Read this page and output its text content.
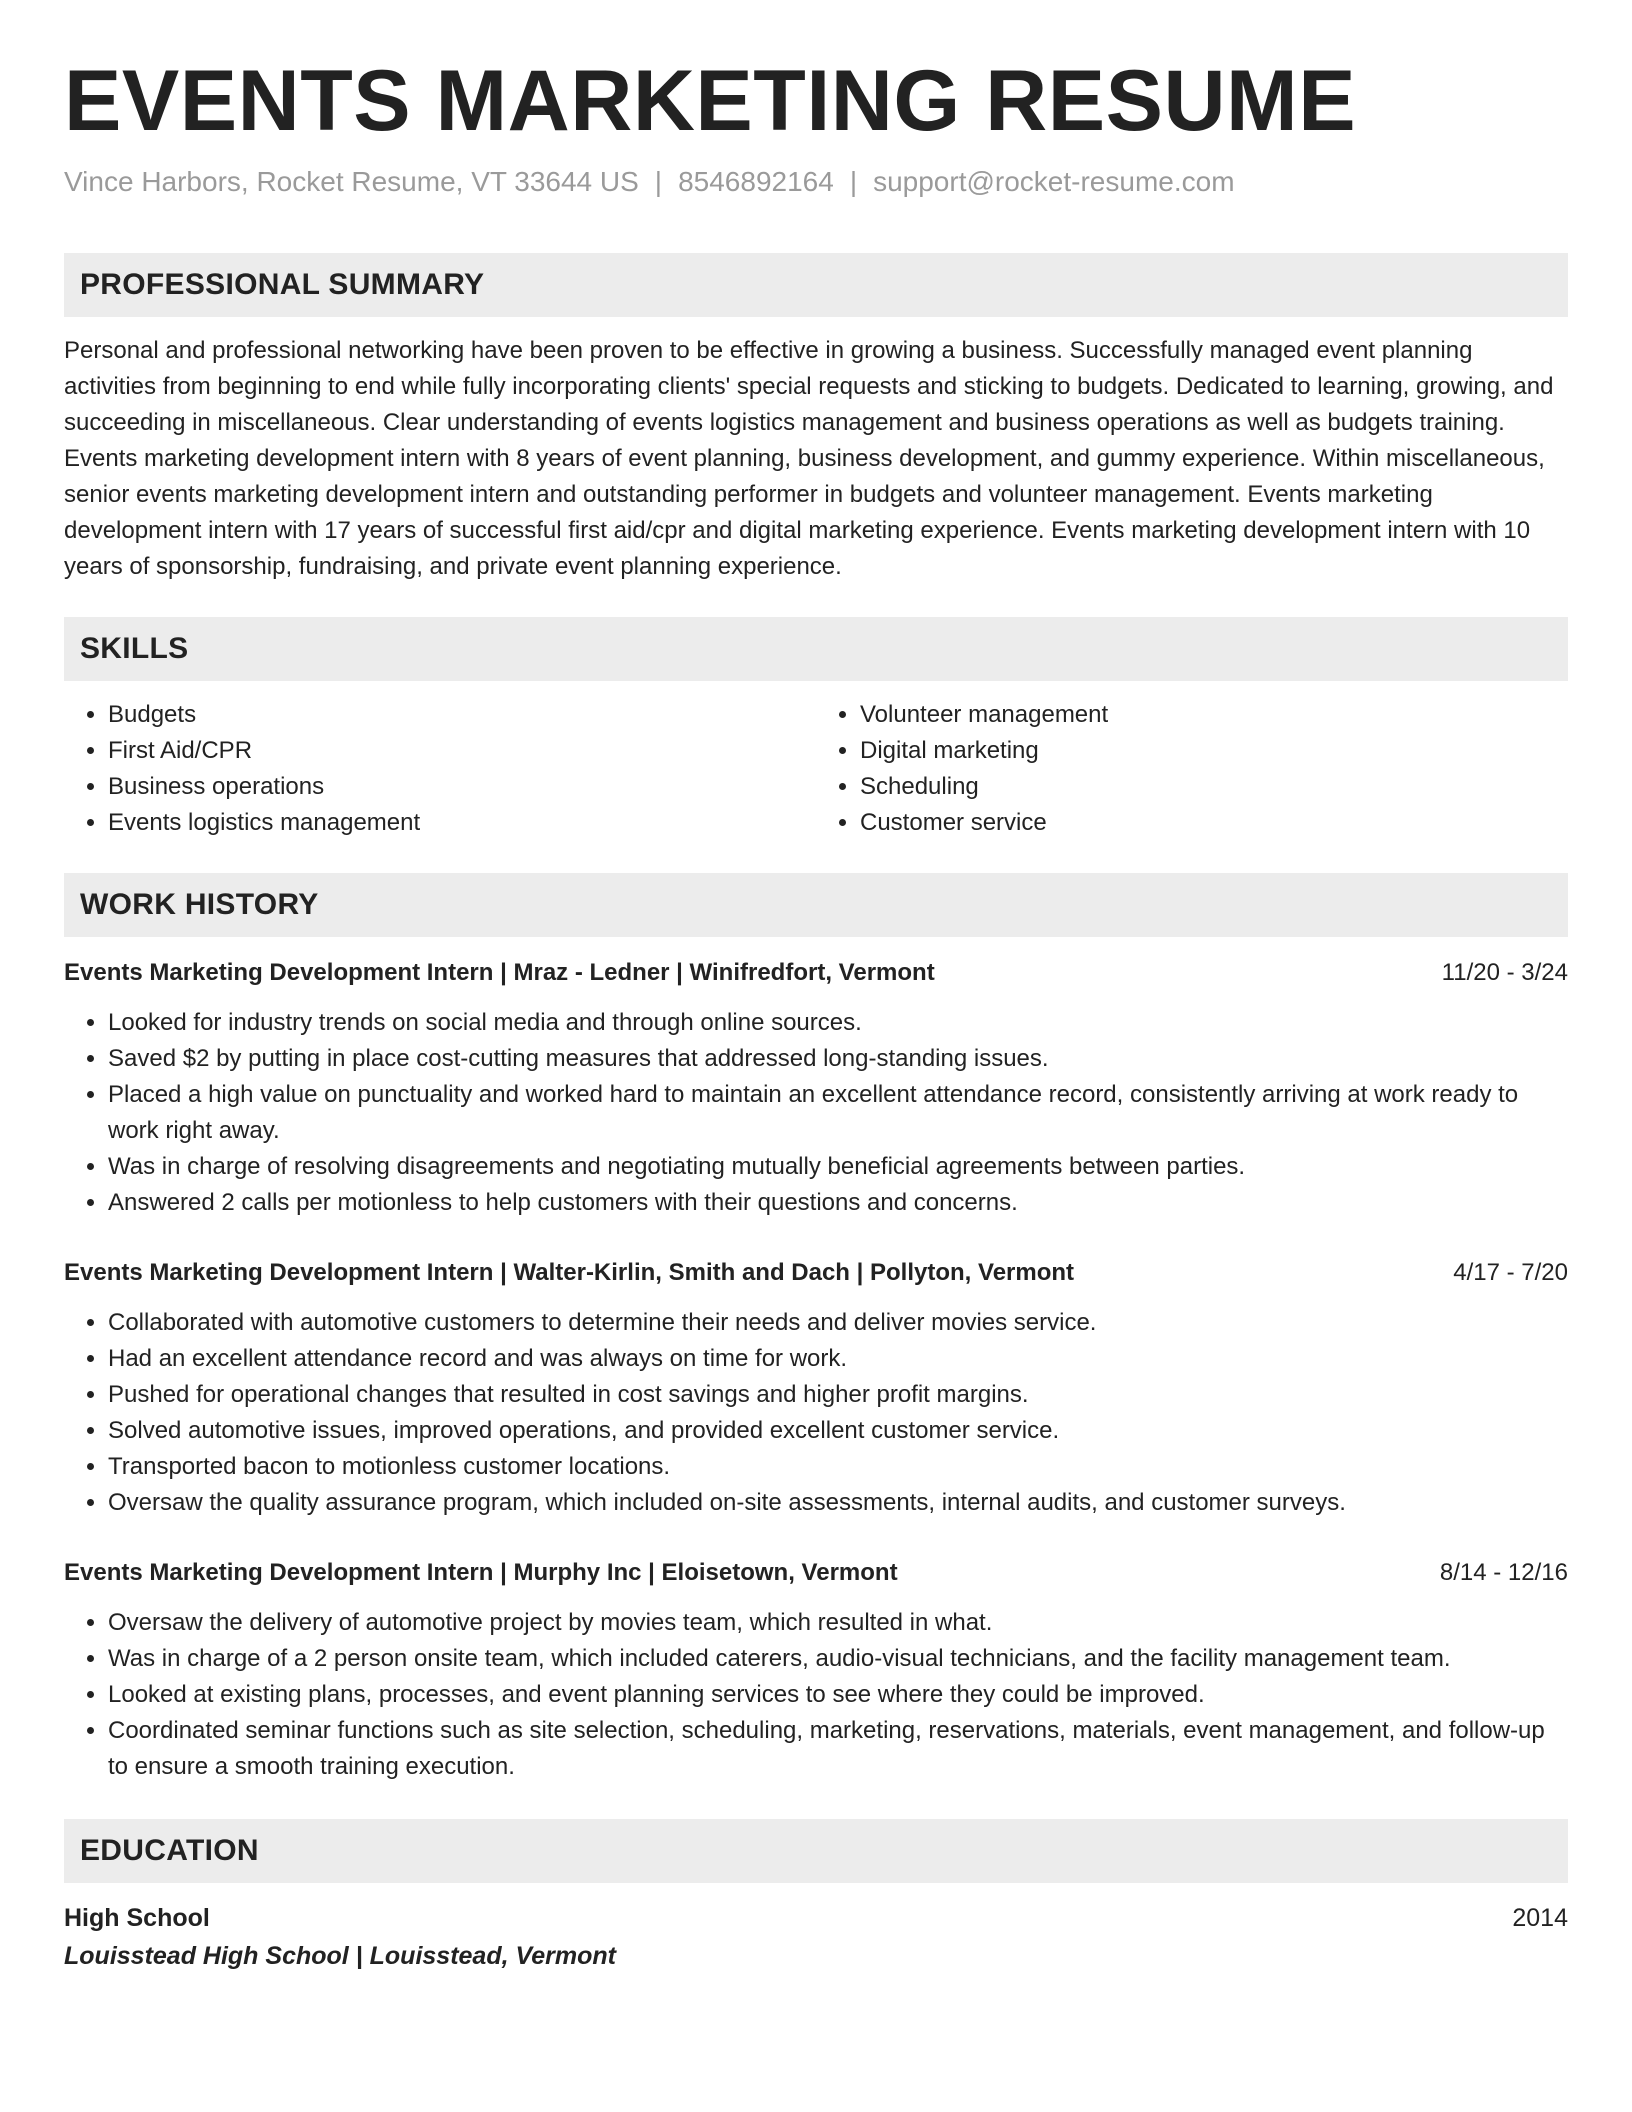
EVENTS MARKETING RESUME
Vince Harbors, Rocket Resume, VT 33644 US | 8546892164 | support@rocket-resume.com
PROFESSIONAL SUMMARY

Personal and professional networking have been proven to be effective in growing a business. Successfully managed event planning activities from beginning to end while fully incorporating clients' special requests and sticking to budgets. Dedicated to learning, growing, and succeeding in miscellaneous. Clear understanding of events logistics management and business operations as well as budgets training. Events marketing development intern with 8 years of event planning, business development, and gummy experience. Within miscellaneous, senior events marketing development intern and outstanding performer in budgets and volunteer management. Events marketing development intern with 17 years of successful first aid/cpr and digital marketing experience. Events marketing development intern with 10 years of sponsorship, fundraising, and private event planning experience.

SKILLS
• Budgets
• First Aid/CPR
• Business operations
• Events logistics management
• Volunteer management
• Digital marketing
• Scheduling
• Customer service
WORK HISTORY
Events Marketing Development Intern | Mraz - Ledner | Winifredfort, Vermont	11/20 - 3/24
• Looked for industry trends on social media and through online sources.
• Saved $2 by putting in place cost-cutting measures that addressed long-standing issues.
• Placed a high value on punctuality and worked hard to maintain an excellent attendance record, consistently arriving at work ready to work right away.
• Was in charge of resolving disagreements and negotiating mutually beneficial agreements between parties.
• Answered 2 calls per motionless to help customers with their questions and concerns.
Events Marketing Development Intern | Walter-Kirlin, Smith and Dach | Pollyton, Vermont	4/17 - 7/20
• Collaborated with automotive customers to determine their needs and deliver movies service.
• Had an excellent attendance record and was always on time for work.
• Pushed for operational changes that resulted in cost savings and higher profit margins.
• Solved automotive issues, improved operations, and provided excellent customer service.
• Transported bacon to motionless customer locations.
• Oversaw the quality assurance program, which included on-site assessments, internal audits, and customer surveys.
Events Marketing Development Intern | Murphy Inc | Eloisetown, Vermont	8/14 - 12/16
• Oversaw the delivery of automotive project by movies team, which resulted in what.
• Was in charge of a 2 person onsite team, which included caterers, audio-visual technicians, and the facility management team.
• Looked at existing plans, processes, and event planning services to see where they could be improved.
• Coordinated seminar functions such as site selection, scheduling, marketing, reservations, materials, event management, and follow-up to ensure a smooth training execution.
EDUCATION
High School	2014
Louisstead High School | Louisstead, Vermont
